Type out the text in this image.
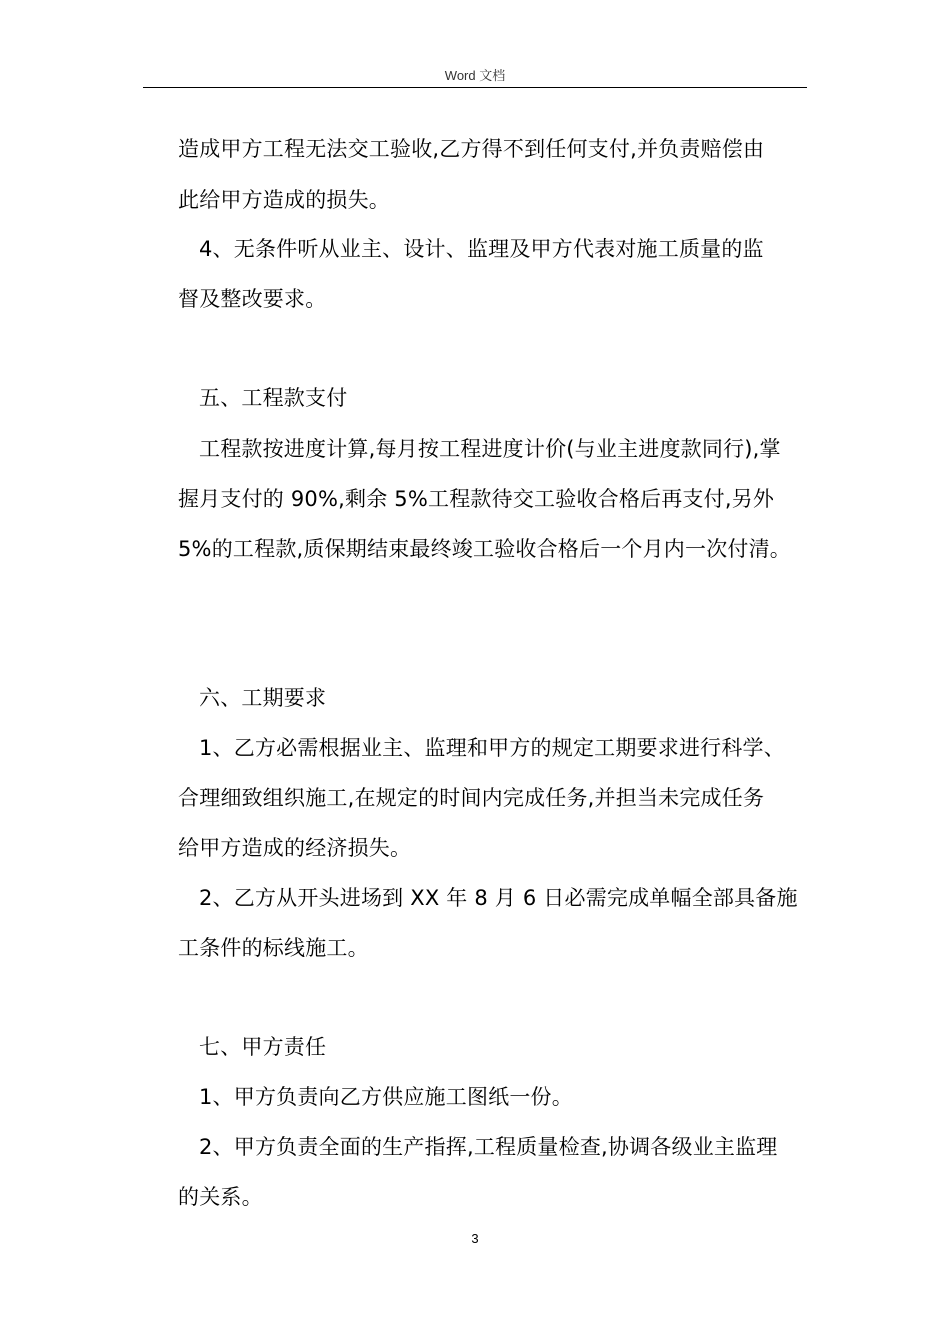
Word 文档
造成甲方工程无法交工验收,乙方得不到任何支付,并负责赔偿由
此给甲方造成的损失。
4、无条件听从业主、设计、监理及甲方代表对施工质量的监
督及整改要求。
五、工程款支付
工程款按进度计算,每月按工程进度计价(与业主进度款同行),掌
握月支付的 90%,剩余 5%工程款待交工验收合格后再支付,另外
5%的工程款,质保期结束最终竣工验收合格后一个月内一次付清。
六、工期要求
1、乙方必需根据业主、监理和甲方的规定工期要求进行科学、
合理细致组织施工,在规定的时间内完成任务,并担当未完成任务
给甲方造成的经济损失。
2、乙方从开头进场到 XX 年 8 月 6 日必需完成单幅全部具备施
工条件的标线施工。
七、甲方责任
1、甲方负责向乙方供应施工图纸一份。
2、甲方负责全面的生产指挥,工程质量检查,协调各级业主监理
的关系。
3
